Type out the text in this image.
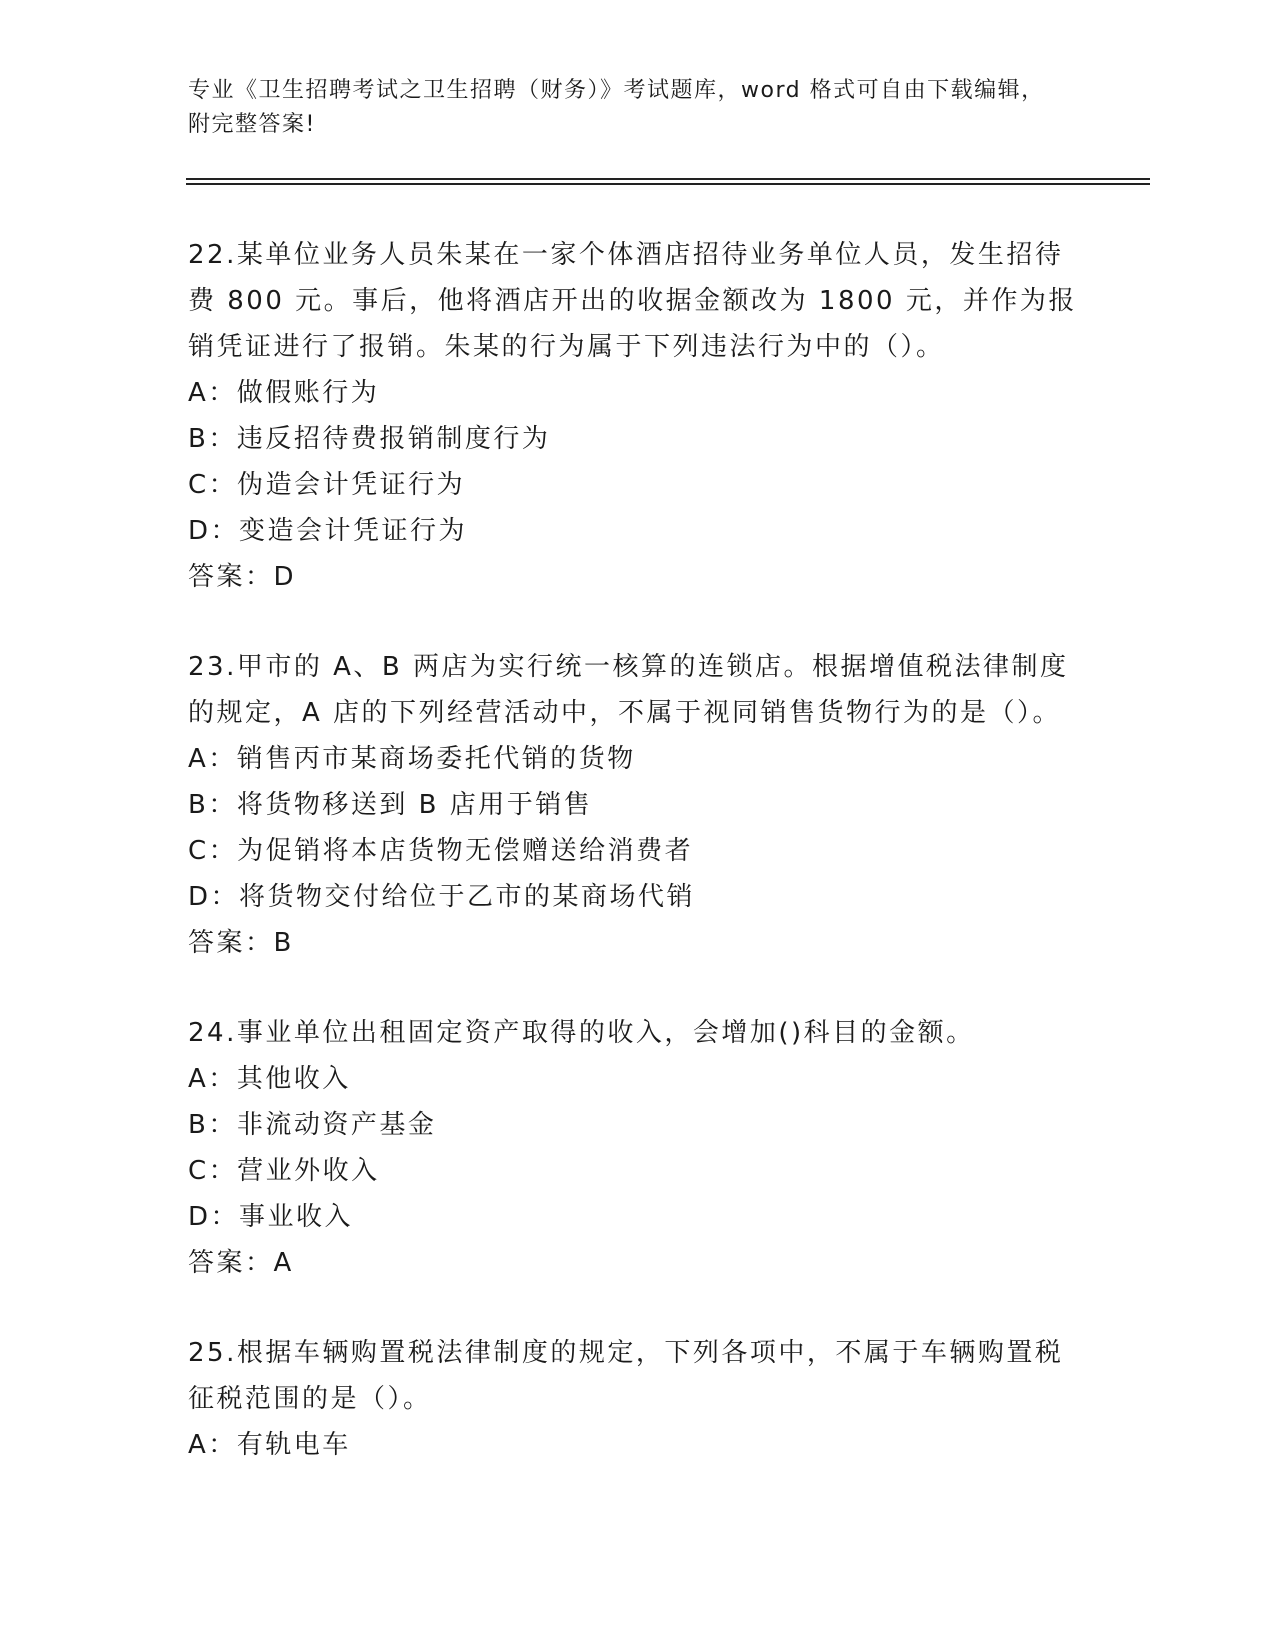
专业《卫生招聘考试之卫生招聘（财务）》考试题库，word 格式可自由下载编辑，附完整答案!
22.某单位业务人员朱某在一家个体酒店招待业务单位人员，发生招待费 800 元。事后，他将酒店开出的收据金额改为 1800 元，并作为报销凭证进行了报销。朱某的行为属于下列违法行为中的（）。
A：做假账行为
B：违反招待费报销制度行为
C：伪造会计凭证行为
D：变造会计凭证行为
答案：D
23.甲市的 A、B 两店为实行统一核算的连锁店。根据增值税法律制度的规定，A 店的下列经营活动中，不属于视同销售货物行为的是（）。
A：销售丙市某商场委托代销的货物
B：将货物移送到 B 店用于销售
C：为促销将本店货物无偿赠送给消费者
D：将货物交付给位于乙市的某商场代销
答案：B
24.事业单位出租固定资产取得的收入，会增加()科目的金额。
A：其他收入
B：非流动资产基金
C：营业外收入
D：事业收入
答案：A
25.根据车辆购置税法律制度的规定，下列各项中，不属于车辆购置税征税范围的是（）。
A：有轨电车
